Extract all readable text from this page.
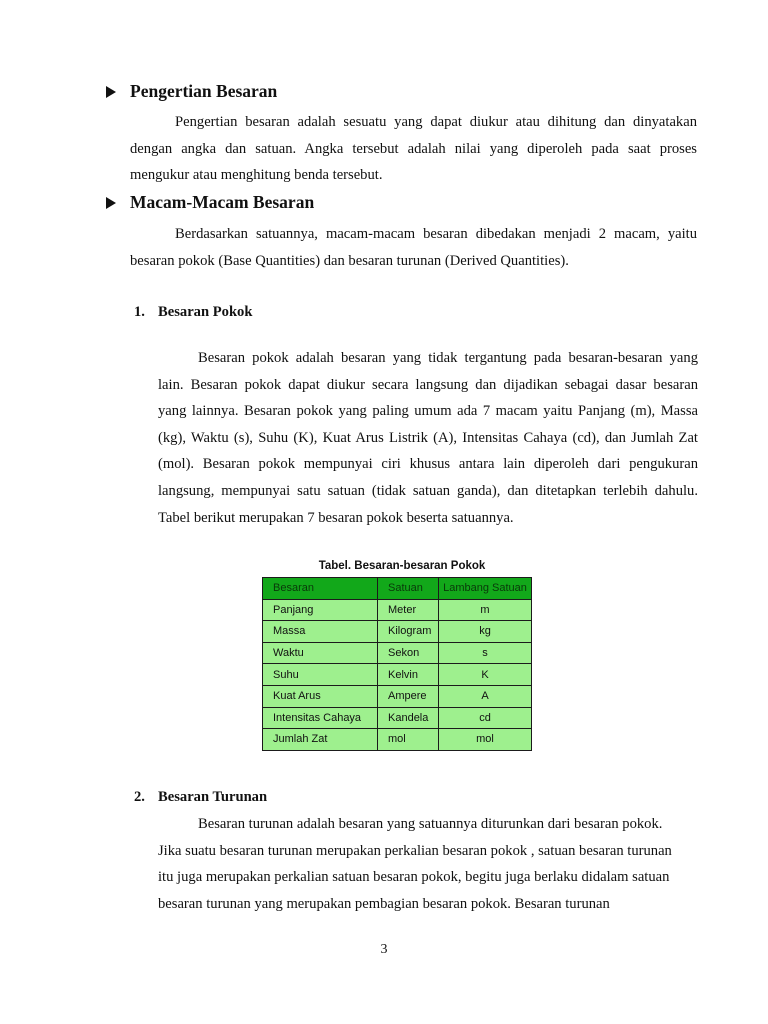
Pengertian Besaran
Pengertian besaran adalah sesuatu yang dapat diukur atau dihitung dan dinyatakan
dengan angka dan satuan. Angka tersebut adalah nilai yang diperoleh pada saat proses
mengukur atau menghitung benda tersebut.
Macam-Macam Besaran
Berdasarkan satuannya, macam-macam besaran dibedakan menjadi 2 macam, yaitu
besaran pokok (Base Quantities) dan besaran turunan (Derived Quantities).
1. Besaran Pokok
Besaran pokok adalah besaran yang tidak tergantung pada besaran-besaran yang
lain. Besaran pokok dapat diukur secara langsung dan dijadikan sebagai dasar besaran
yang lainnya. Besaran pokok yang paling umum ada 7 macam yaitu Panjang (m), Massa
(kg), Waktu (s), Suhu (K), Kuat Arus Listrik (A), Intensitas Cahaya (cd), dan Jumlah Zat
(mol). Besaran pokok mempunyai ciri khusus antara lain diperoleh dari pengukuran
langsung, mempunyai satu satuan (tidak satuan ganda), dan ditetapkan terlebih dahulu.
Tabel berikut merupakan 7 besaran pokok beserta satuannya.
Tabel. Besaran-besaran Pokok
Besaran	Satuan	Lambang Satuan
Panjang	Meter	m
Massa	Kilogram	kg
Waktu	Sekon	s
Suhu	Kelvin	K
Kuat Arus	Ampere	A
Intensitas Cahaya	Kandela	cd
Jumlah Zat	mol	mol
2. Besaran Turunan
Besaran turunan adalah besaran yang satuannya diturunkan dari besaran pokok.
Jika suatu besaran turunan merupakan perkalian besaran pokok , satuan besaran turunan
itu juga merupakan perkalian satuan besaran pokok, begitu juga berlaku didalam satuan
besaran turunan yang merupakan pembagian besaran pokok. Besaran turunan
3
